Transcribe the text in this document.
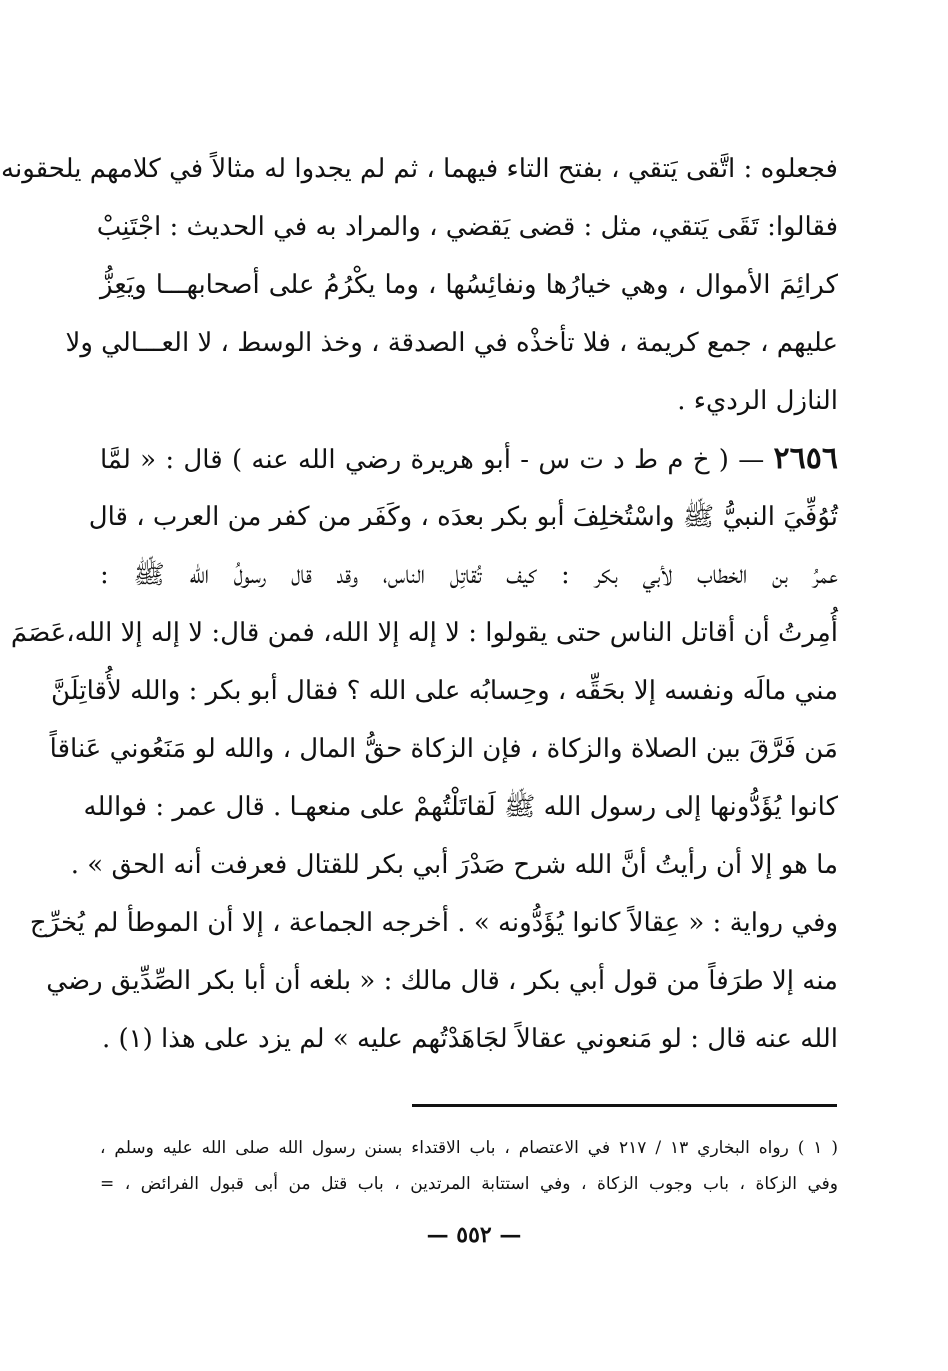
فجعلوه : اتَّقى يَتقي ، بفتح التاء فيهما ، ثم لم يجدوا له مثالاً في كلامهم يلحقونه
فقالوا: تَقَى يَتقي، مثل : قضى يَقضي ، والمراد به في الحديث : اجْتَنِبْ
كرائِمَ الأموال ، وهي خيارُها ونفائِسُها ، وما يكْرُمُ على أصحابهـــا ويَعِزُّ
عليهم ، جمع كريمة ، فلا تأخذْه في الصدقة ، وخذ الوسط ، لا العـــالي ولا
النازل الرديء .
٢٦٥٦ — ( خ م ط د ت س - أبو هريرة رضي الله عنه ) قال : « لمَّا
تُوُفِّيَ النبيُّ ﷺ واسْتُخلِفَ أبو بكر بعدَه ، وكَفَر من كفر من العرب ، قال
عمرُ بن الخطاب لأبي بكر : كيف تُقاتِل الناس، وقد قال رسولُ الله ﷺ :
أُمِرتُ أن أقاتل الناس حتى يقولوا : لا إله إلا الله، فمن قال: لا إله إلا الله،عَصَمَ
مني مالَه ونفسه إلا بحَقِّه ، وحِسابُه على الله ؟ فقال أبو بكر : والله لأُقاتِلَنَّ
مَن فَرَّقَ بين الصلاة والزكاة ، فإن الزكاة حقُّ المال ، والله لو مَنَعُوني عَناقاً
كانوا يُؤَدُّونها إلى رسول الله ﷺ لَقاتَلْتُهمْ على منعهـا . قال عمر : فوالله
ما هو إلا أن رأيتُ أنَّ الله شرح صَدْرَ أبي بكر للقتال فعرفت أنه الحق » .
وفي رواية : « عِقالاً كانوا يُؤَدُّونه » . أخرجه الجماعة ، إلا أن الموطأ لم يُخرِّج
منه إلا طرَفاً من قول أبي بكر ، قال مالك : « بلغه أن أبا بكر الصِّدِّيق رضي
الله عنه قال : لو مَنعوني عقالاً لجَاهَدْتُهم عليه » لم يزد على هذا (١) .
( ١ ) رواه البخاري ١٣ / ٢١٧ في الاعتصام ، باب الاقتداء بسنن رسول الله صلى الله عليه وسلم ،
وفي الزكاة ، باب وجوب الزكاة ، وفي استتابة المرتدين ، باب قتل من أبى قبول الفرائض ، =
— ٥٥٢ —
